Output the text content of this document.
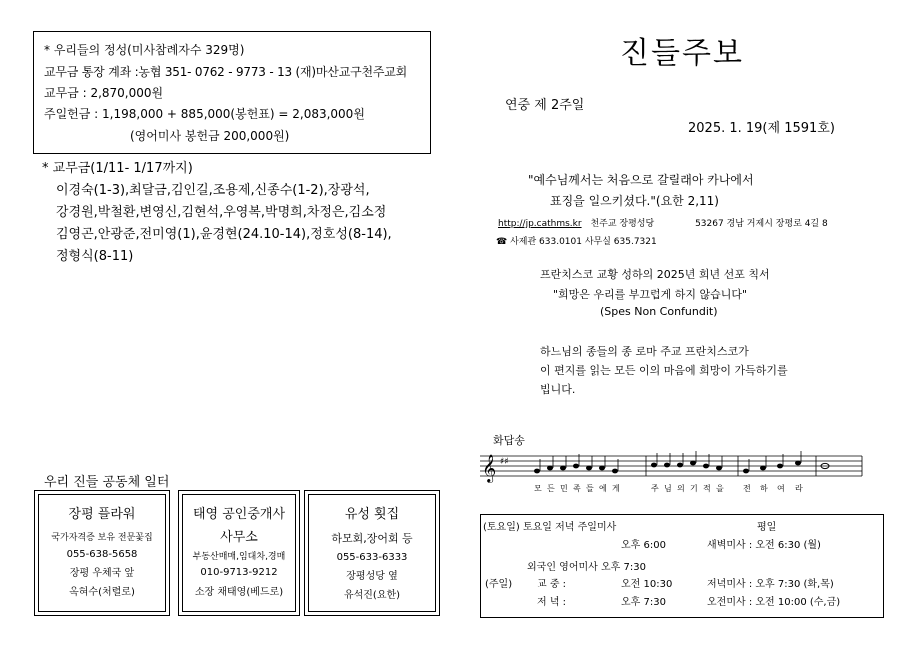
* 우리들의 정성(미사참례자수 329명)
교무금 통장 계좌 :농협 351- 0762 - 9773 - 13 (재)마산교구천주교회
교무금 : 2,870,000원
주일헌금 : 1,198,000 + 885,000(봉헌표) = 2,083,000원
(영어미사 봉헌금 200,000원)
* 교무금(1/11- 1/17까지)
이경숙(1-3),최달금,김인길,조용제,신종수(1-2),장광석,
강경원,박철환,변영신,김현석,우영복,박명희,차정은,김소정
김영곤,안광준,전미영(1),윤경현(24.10-14),정호성(8-14),
정형식(8-11)
진들주보
연중 제 2주일
2025. 1. 19(제 1591호)
"예수님께서는 처음으로 갈릴래아 카나에서
표징을 일으키셨다."(요한 2,11)
http://jp.cathms.kr 천주교 장평성당	53267 경남 거제시 장평로 4길 8
☎ 사제관 633.0101 사무실 635.7321
프란치스코 교황 성하의 2025년 희년 선포 칙서
"희망은 우리를 부끄럽게 하지 않습니다"
(Spes Non Confundit)
하느님의 종들의 종 로마 주교 프란치스코가
이 편지를 읽는 모든 이의 마음에 희망이 가득하기를
빕니다.
화답송
𝄞 ♯♯
모 든 민 족 들 에 게	주 님 의 기 적 을 전 하 여 라
우리 진들 공동체 일터
장평 플라워
국가자격증 보유 전문꽃집
055-638-5658
장평 우체국 앞
옥혀수(처렬로)
태영 공인중개사
사무소
부동산매매,임대차,경매
010-9713-9212
소장 채태영(베드로)
유성 횟집
하모회,장어회 등
055-633-6333
장평성당 옆
유석진(요한)
(토요일) 토요일 저녁 주일미사	평일
오후 6:00	새벽미사 : 오전 6:30 (월)
외국인 영어미사 오후 7:30
(주일) 교 중 :	오전 10:30	저녁미사 : 오후 7:30 (화,목)
저 녁 :	오후 7:30	오전미사 : 오전 10:00 (수,금)
